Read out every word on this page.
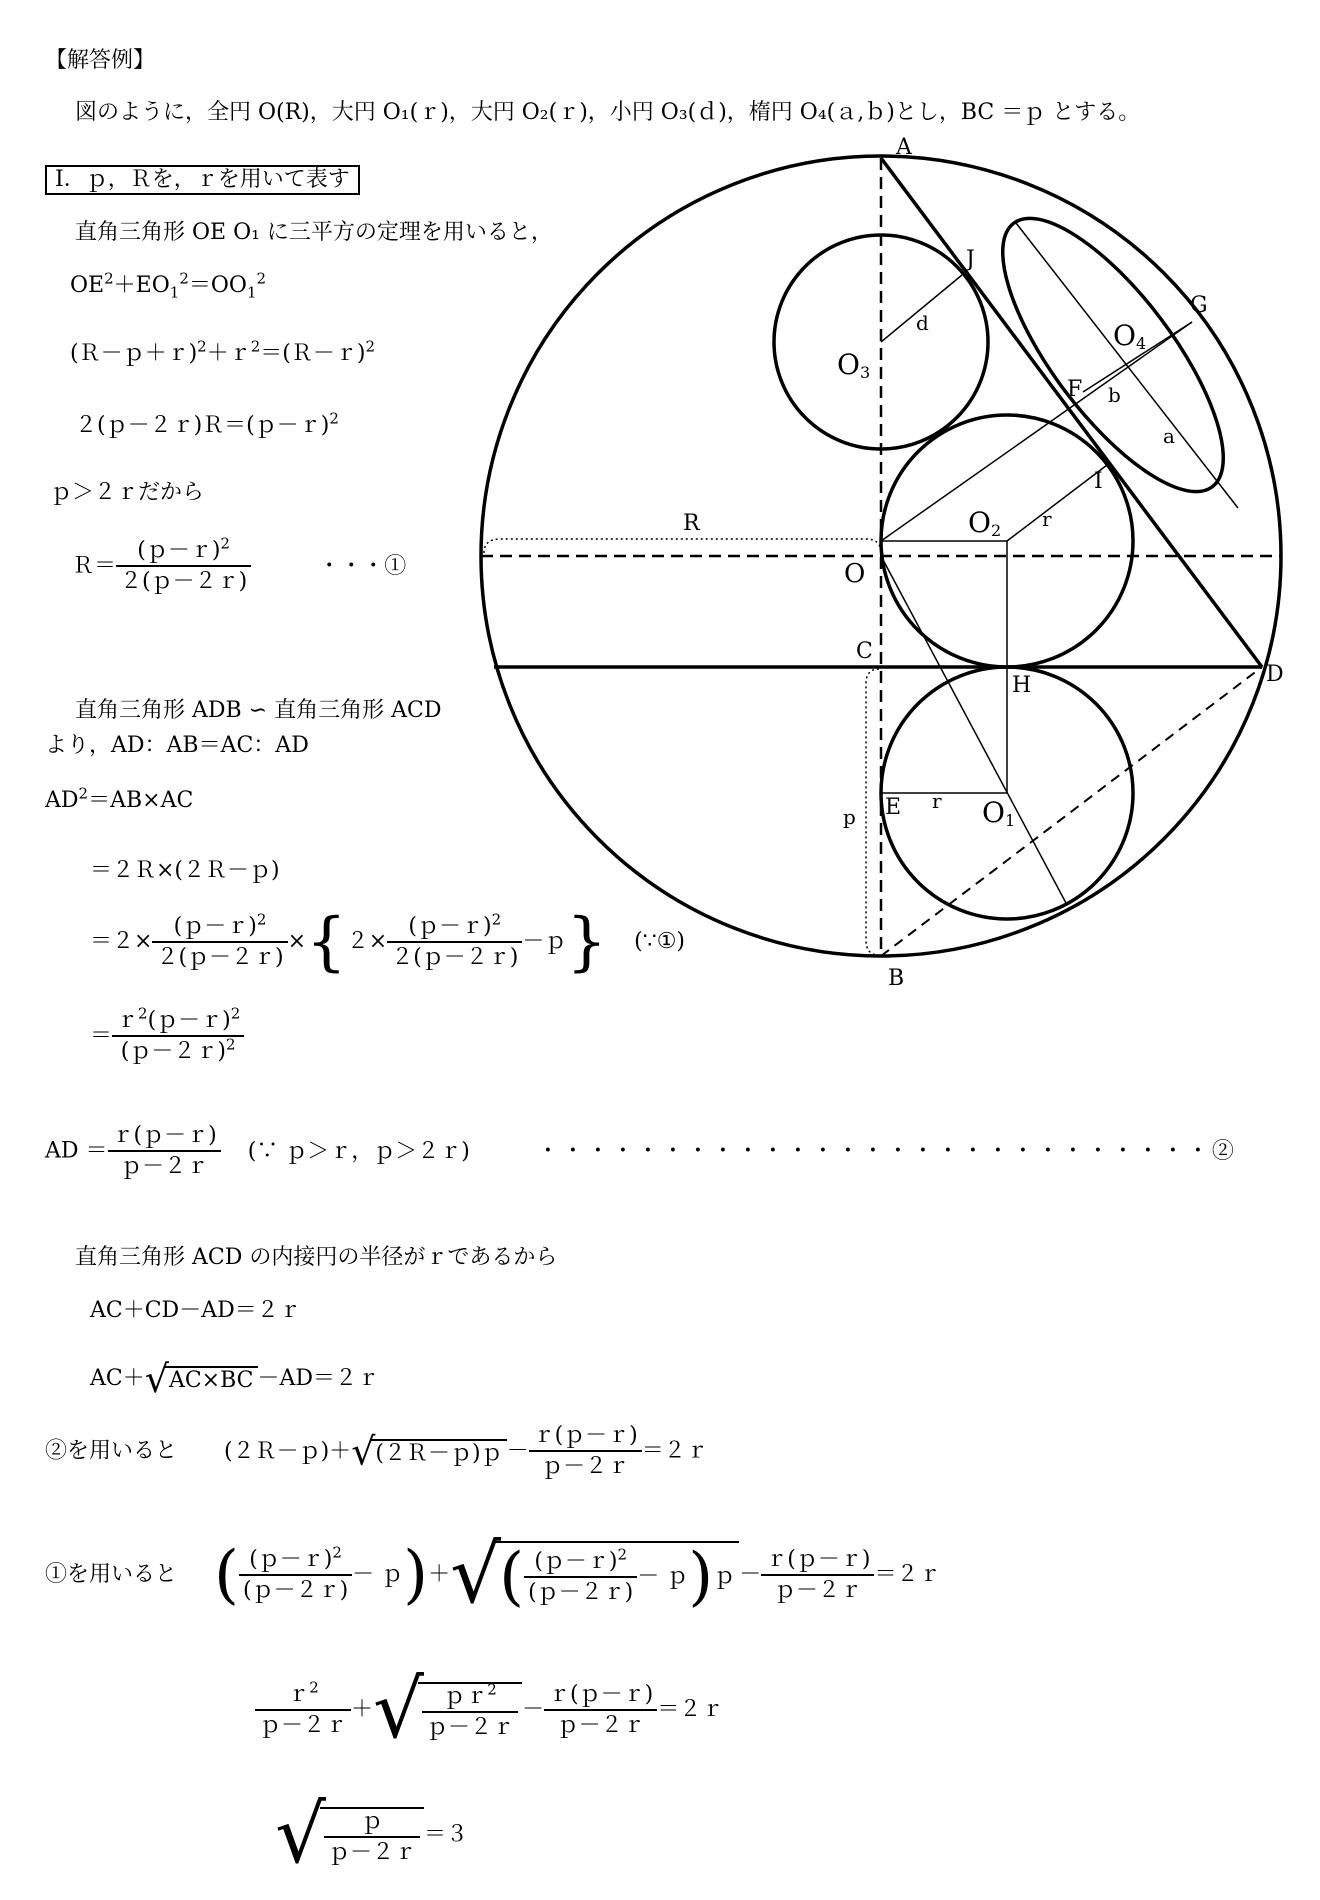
【解答例】
図のように，全円 O(R)，大円 O₁(ｒ)，大円 O₂(ｒ)，小円 O₃(ｄ)，楕円 O₄(ａ,ｂ)とし，BC ＝ｐ とする。
Ⅰ．ｐ，Ｒを，ｒを用いて表す
直角三角形 OE O₁ に三平方の定理を用いると，
$OE^2+EO_1^2=OO_1^2$
(Ｒ－ｐ＋ｒ)$^2$＋ｒ$^2$＝(Ｒ－ｒ)$^2$
２(ｐ－２ｒ)Ｒ＝(ｐ－ｒ)$^2$
ｐ＞２ｒだから
Ｒ＝ $\frac{(p-r)^2}{\text{２(ｐ－２ｒ)}}$	・・・①
直角三角形 ADB ∽ 直角三角形 ACD
より，AD：AB＝AC：AD
$AD^2=AB\times AC$
＝２Ｒ×(２Ｒ－ｐ)
$=2\times \frac{(p-r)^2}{\text{２(ｐ－２ｒ)}} \times\{2\times \frac{(p-r)^2}{\text{２(ｐ－２ｒ)}}$ －ｐ} (∵①)
＝ $\frac{r^2(p-r)^2}{(p-2r)^2}$
AD ＝ $\frac{\text{ｒ(ｐ－ｒ)}}{\text{ｐ－２ｒ}}$ (∵ ｐ＞ｒ，ｐ＞２ｒ)	・・・・・・・・・・・・・・・・・・・・・・・・・・・②
直角三角形 ACD の内接円の半径がｒであるから
AC＋CD－AD＝２ｒ
AC＋√AC×BC －AD＝２ｒ
②を用いると (２Ｒ－ｐ)＋√(２Ｒ－ｐ)ｐ － $\frac{\text{ｒ(ｐ－ｒ)}}{\text{ｐ－２ｒ}}$ ＝２ｒ
①を用いると ( $\frac{(p-r)^2}{\text{(ｐ－２ｒ)}}$ － ｐ)＋√( $\frac{(p-r)^2}{\text{(ｐ－２ｒ)}}$ － ｐ)ｐ － $\frac{\text{ｒ(ｐ－ｒ)}}{\text{ｐ－２ｒ}}$ ＝２ｒ
$\frac{r^2}{\text{ｐ－２ｒ}}$ ＋√
$\frac{pr^2}{\text{ｐ－２ｒ}} - \frac{\text{ｒ(ｐ－ｒ)}}{\text{ｐ－２ｒ}}$ ＝２ｒ
√
$\frac{\text{ｐ}}{\text{ｐ－２ｒ}} =3$
A
B
C
D
E
F
G
H
I
J
O
O1
O2
O3
O4
R	r
r
d
a
b
p
